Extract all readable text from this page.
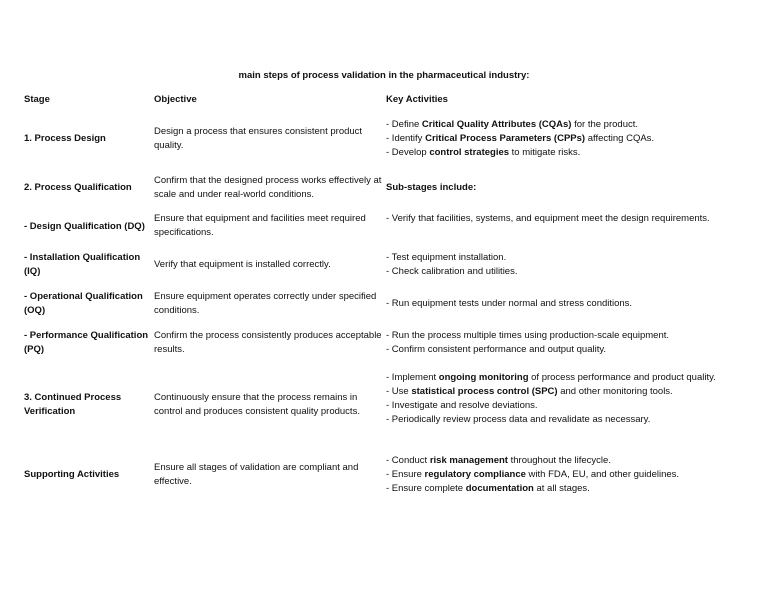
main steps of process validation in the pharmaceutical industry:
Stage	Objective	Key Activities
1. Process Design
Design a process that ensures consistent product quality.
- Define Critical Quality Attributes (CQAs) for the product.
- Identify Critical Process Parameters (CPPs) affecting CQAs.
- Develop control strategies to mitigate risks.
2. Process Qualification
Confirm that the designed process works effectively at scale and under real-world conditions.
Sub-stages include:
- Design Qualification (DQ)
Ensure that equipment and facilities meet required specifications.
- Verify that facilities, systems, and equipment meet the design requirements.
- Installation Qualification (IQ)
Verify that equipment is installed correctly.
- Test equipment installation.
- Check calibration and utilities.
- Operational Qualification (OQ)
Ensure equipment operates correctly under specified conditions.
- Run equipment tests under normal and stress conditions.
- Performance Qualification (PQ)
Confirm the process consistently produces acceptable results.
- Run the process multiple times using production-scale equipment.
- Confirm consistent performance and output quality.
3. Continued Process Verification
Continuously ensure that the process remains in control and produces consistent quality products.
- Implement ongoing monitoring of process performance and product quality.
- Use statistical process control (SPC) and other monitoring tools.
- Investigate and resolve deviations.
- Periodically review process data and revalidate as necessary.
Supporting Activities
Ensure all stages of validation are compliant and effective.
- Conduct risk management throughout the lifecycle.
- Ensure regulatory compliance with FDA, EU, and other guidelines.
- Ensure complete documentation at all stages.
